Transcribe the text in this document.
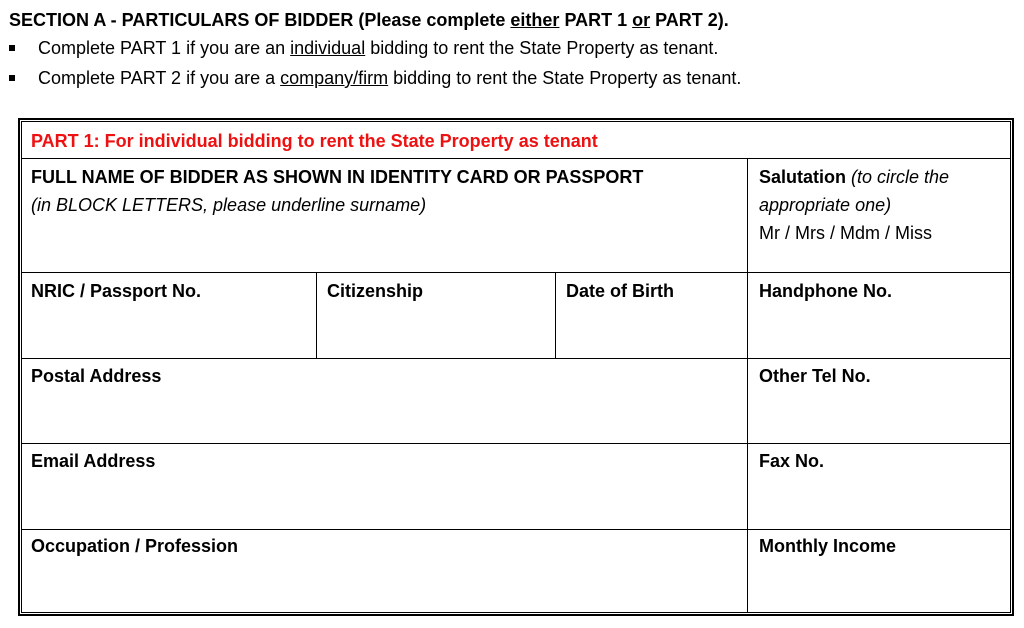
SECTION A - PARTICULARS OF BIDDER (Please complete either PART 1 or PART 2).
Complete PART 1 if you are an individual bidding to rent the State Property as tenant.
Complete PART 2 if you are a company/firm bidding to rent the State Property as tenant.
PART 1: For individual bidding to rent the State Property as tenant
FULL NAME OF BIDDER AS SHOWN IN IDENTITY CARD OR PASSPORT
(in BLOCK LETTERS, please underline surname)
Salutation (to circle the
appropriate one)
Mr / Mrs / Mdm / Miss
NRIC / Passport No.	Citizenship	Date of Birth	Handphone No.
Postal Address	Other Tel No.
Email Address	Fax No.
Occupation / Profession	Monthly Income
